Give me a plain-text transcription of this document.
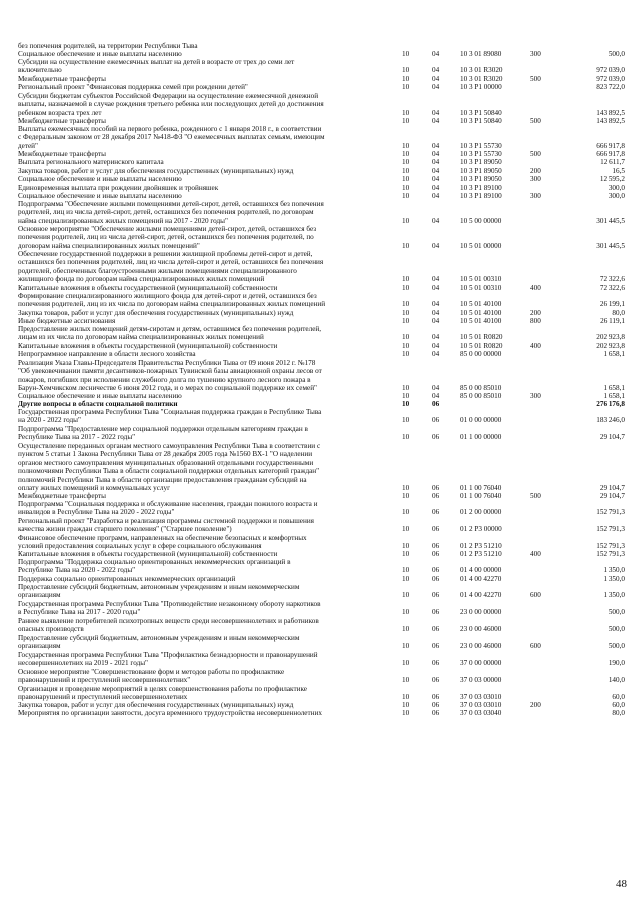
без попечения родителей, на территории Республики Тыва
Социальное обеспечение и иные выплаты населению	10	04	10 3 01 89080	300	500,0
Субсидии на осуществление ежемесячных выплат на детей в возрасте от трех до семи лет
включительно	10	04	10 3 01 R3020	972 039,0
Межбюджетные трансферты	10	04	10 3 01 R3020	500	972 039,0
Региональный проект "Финансовая поддержка семей при рождении детей"	10	04	10 3 P1 00000	823 722,0
Субсидии бюджетам субъектов Российской Федерации на осуществление ежемесячной денежной
выплаты, назначаемой в случае рождения третьего ребенка или последующих детей до достижения
ребенком возраста трех лет	10	04	10 3 P1 50840	143 892,5
Межбюджетные трансферты	10	04	10 3 P1 50840	500	143 892,5
Выплаты ежемесячных пособий на первого ребенка, рожденного с 1 января 2018 г., в соответствии
с Федеральным законом от 28 декабря 2017 №418-ФЗ "О ежемесячных выплатах семьям, имеющим
детей"	10	04	10 3 P1 55730	666 917,8
Межбюджетные трансферты	10	04	10 3 P1 55730	500	666 917,8
Выплата регионального материнского капитала	10	04	10 3 P1 89050	12 611,7
Закупка товаров, работ и услуг для обеспечения государственных (муниципальных) нужд	10	04	10 3 P1 89050	200	16,5
Социальное обеспечение и иные выплаты населению	10	04	10 3 P1 89050	300	12 595,2
Единовременная выплата при рождении двойняшек и тройняшек	10	04	10 3 P1 89100	300,0
Социальное обеспечение и иные выплаты населению	10	04	10 3 P1 89100	300	300,0
Подпрограмма "Обеспечение жилыми помещениями детей-сирот, детей, оставшихся без попечения
родителей, лиц из числа детей-сирот, детей, оставшихся без попечения родителей, по договорам
найма специализированных жилых помещений на 2017 - 2020 годы"	10	04	10 5 00 00000	301 445,5
Основное мероприятие "Обеспечение жилыми помещениями детей-сирот, детей, оставшихся без
попечения родителей, лиц из числа детей-сирот, детей, оставшихся без попечения родителей, по
договорам найма специализированных жилых помещений"	10	04	10 5 01 00000	301 445,5
Обеспечение государственной поддержки в решении жилищной проблемы детей-сирот и детей,
оставшихся без попечения родителей, лиц из числа детей-сирот и детей, оставшихся без попечения
родителей, обеспеченных благоустроенными жилыми помещениями специализированного
жилищного фонда по договорам найма специализированных жилых помещений	10	04	10 5 01 00310	72 322,6
Капитальные вложения в объекты государственной (муниципальной) собственности	10	04	10 5 01 00310	400	72 322,6
Формирование специализированного жилищного фонда для детей-сирот и детей, оставшихся без
попечения родителей, лиц из их числа по договорам найма специализированных жилых помещений	10	04	10 5 01 40100	26 199,1
Закупка товаров, работ и услуг для обеспечения государственных (муниципальных) нужд	10	04	10 5 01 40100	200	80,0
Иные бюджетные ассигнования	10	04	10 5 01 40100	800	26 119,1
Предоставление жилых помещений детям-сиротам и детям, оставшимся без попечения родителей,
лицам из их числа по договорам найма специализированных жилых помещений	10	04	10 5 01 R0820	202 923,8
Капитальные вложения в объекты государственной (муниципальной) собственности	10	04	10 5 01 R0820	400	202 923,8
Непрограммное направление в области лесного хозяйства	10	04	85 0 00 00000	1 658,1
Реализация Указа Главы-Председателя Правительства Республики Тыва от 09 июня 2012 г. №178
"Об увековечивании памяти десантников-пожарных Тувинской базы авиационной охраны лесов от
пожаров, погибших при исполнении служебного долга по тушению крупного лесного пожара в
Барун-Хемчикском лесничестве 6 июня 2012 года, и о мерах по социальной поддержке их семей"	10	04	85 0 00 85010	1 658,1
Социальное обеспечение и иные выплаты населению	10	04	85 0 00 85010	300	1 658,1
Другие вопросы в области социальной политики	10	06	276 176,8
Государственная программа Республики Тыва "Социальная поддержка граждан в Республике Тыва
на 2020 - 2022 годы"	10	06	01 0 00 00000	183 246,0
Подпрограмма "Предоставление мер социальной поддержки отдельным категориям граждан в
Республике Тыва на 2017 - 2022 годы"	10	06	01 1 00 00000	29 104,7
Осуществление переданных органам местного самоуправления Республики Тыва в соответствии с
пунктом 5 статьи 1 Закона Республики Тыва от 28 декабря 2005 года №1560 ВХ-1 "О наделении
органов местного самоуправления муниципальных образований отдельными государственными
полномочиями Республики Тыва в области социальной поддержки отдельных категорий граждан"
полномочий Республики Тыва в области организации предоставления гражданам субсидий на
оплату жилых помещений и коммунальных услуг	10	06	01 1 00 76040	29 104,7
Межбюджетные трансферты	10	06	01 1 00 76040	500	29 104,7
Подпрограмма "Социальная поддержка и обслуживание населения, граждан пожилого возраста и
инвалидов в Республике Тыва на 2020 - 2022 годы"	10	06	01 2 00 00000	152 791,3
Региональный проект "Разработка и реализация программы системной поддержки и повышения
качества жизни граждан старшего поколения" ("Старшее поколение")	10	06	01 2 P3 00000	152 791,3
Финансовое обеспечение программ, направленных на обеспечение безопасных и комфортных
условий предоставления социальных услуг в сфере социального обслуживания	10	06	01 2 P3 51210	152 791,3
Капитальные вложения в объекты государственной (муниципальной) собственности	10	06	01 2 P3 51210	400	152 791,3
Подпрограмма "Поддержка социально ориентированных некоммерческих организаций в
Республике Тыва на 2020 - 2022 годы"	10	06	01 4 00 00000	1 350,0
Поддержка социально ориентированных некоммерческих организаций	10	06	01 4 00 42270	1 350,0
Предоставление субсидий бюджетным, автономным учреждениям и иным некоммерческим
организациям	10	06	01 4 00 42270	600	1 350,0
Государственная программа Республики Тыва "Противодействие незаконному обороту наркотиков
в Республике Тыва на 2017 - 2020 годы"	10	06	23 0 00 00000	500,0
Раннее выявление потребителей психотропных веществ среди несовершеннолетних и работников
опасных производств	10	06	23 0 00 46000	500,0
Предоставление субсидий бюджетным, автономным учреждениям и иным некоммерческим
организациям	10	06	23 0 00 46000	600	500,0
Государственная программа Республики Тыва "Профилактика безнадзорности и правонарушений
несовершеннолетних на 2019 - 2021 годы"	10	06	37 0 00 00000	190,0
Основное мероприятие "Совершенствование форм и методов работы по профилактике
правонарушений и преступлений несовершеннолетних"	10	06	37 0 03 00000	140,0
Организация и проведение мероприятий в целях совершенствования работы по профилактике
правонарушений и преступлений несовершеннолетних	10	06	37 0 03 03010	60,0
Закупка товаров, работ и услуг для обеспечения государственных (муниципальных) нужд	10	06	37 0 03 03010	200	60,0
Мероприятия по организации занятости, досуга временного трудоустройства несовершеннолетних	10	06	37 0 03 03040	80,0
48
